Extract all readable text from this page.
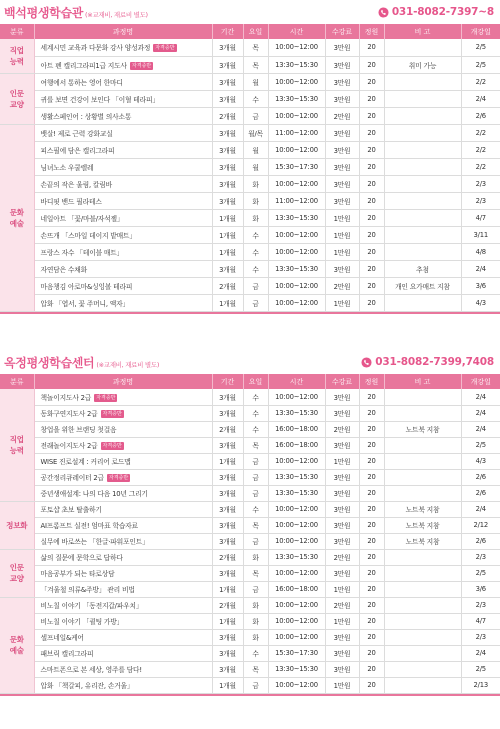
백석평생학습관 (※교재비, 재료비 별도)	031-8082-7397~8
분류	과정명	기간	요일	시간	수강료	정원	비 고	개강일
직업
능력	세계시민 교육과 다문화 강사 양성과정 자격증반	3개월	목	10:00~12:00	3만원	20		2/5
	아트 펜 캘리그라피1급 지도사 자격증반	3개월	목	13:30~15:30	3만원	20	취미 가능	2/5
인문
교양	여행에서 통하는 영어 한마디	3개월	월	10:00~12:00	3만원	20		2/2
	귀를 보면 건강이 보인다 「이혈 테라피」	3개월	수	13:30~15:30	3만원	20		2/4
	생활스페인어 : 상황별 의사소통	2개월	금	10:00~12:00	2만원	20		2/6
문화
예술	뱃살! 제로 근력 강화교실	3개월	월/목	11:00~12:00	3만원	20		2/2
	피스필에 담은 캘리그라피	3개월	월	10:00~12:00	3만원	20		2/2
	님녀노소 우쿨렐레	3개월	월	15:30~17:30	3만원	20		2/2
	손끝의 작은 울림, 칼림바	3개월	화	10:00~12:00	3만원	20		2/3
	바디핏 밴드 필라테스	3개월	화	11:00~12:00	3만원	20		2/3
	네일아트 「꽃/마블/자석젤」	1개월	화	13:30~15:30	1만원	20		4/7
	손뜨개 「스마일 데이지 밭매트」	1개월	수	10:00~12:00	1만원	20		3/11
	프랑스 자수 「테이블 매트」	1개월	수	10:00~12:00	1만원	20		4/8
	자연담은 수채화	3개월	수	13:30~15:30	3만원	20	추첨	2/4
	마음챙김 아로마&싱잉볼 테라피	2개월	금	10:00~12:00	2만원	20	개인 요가매트 지참	3/6
	압화 「엽서, 꽃 주머니, 액자」	1개월	금	10:00~12:00	1만원	20		4/3
옥정평생학습센터 (※교재비, 재료비 별도)	031-8082-7399,7408
분류	과정명	기간	요일	시간	수강료	정원	비 고	개강일
직업
능력	책놀이지도사 2급 자격증반	3개월	수	10:00~12:00	3만원	20		2/4
	동화구연지도사 2급 자격증반	3개월	수	13:30~15:30	3만원	20		2/4
	창업을 위한 브랜딩 첫걸음	2개월	수	16:00~18:00	2만원	20	노트북 지참	2/4
	전래놀이지도사 2급 자격증반	3개월	목	16:00~18:00	3만원	20		2/5
	WISE 진로설계 : 커리어 로드맵	1개월	금	10:00~12:00	1만원	20		4/3
	공간정리큐레이터 2급 자격증반	3개월	금	13:30~15:30	3만원	20		2/6
	중년생애설계: 나의 다음 10년 그리기	3개월	금	13:30~15:30	3만원	20		2/6
정보화	포토샵 초보 탈출하기	3개월	수	10:00~12:00	3만원	20	노트북 지참	2/4
	AI프롬프트 실전! 엄마표 학습자료	3개월	목	10:00~12:00	3만원	20	노트북 지참	2/12
	실무에 바로쓰는 「한글·파워포인트」	3개월	금	10:00~12:00	3만원	20	노트북 지참	2/6
인문
교양	삶의 질문에 문학으로 답하다	2개월	화	13:30~15:30	2만원	20		2/3
	마음공부가 되는 타로상담	3개월	목	10:00~12:00	3만원	20		2/5
	「겨울철 의류&주방」 관리 비법	1개월	금	16:00~18:00	1만원	20		3/6
문화
예술	비노칠 이야기 「동전지갑/파우치」	2개월	화	10:00~12:00	2만원	20		2/3
	비노칠 이야기 「퀼팅 가방」	1개월	화	10:00~12:00	1만원	20		4/7
	셀프네일&케어	3개월	화	10:00~12:00	3만원	20		2/3
	패브릭 캘리그라피	3개월	수	15:30~17:30	3만원	20		2/4
	스마트폰으로 본 세상, 영주를 담다!	3개월	목	13:30~15:30	3만원	20		2/5
	압화 「책갈피, 유리잔, 손거울」	1개월	금	10:00~12:00	1만원	20		2/13
